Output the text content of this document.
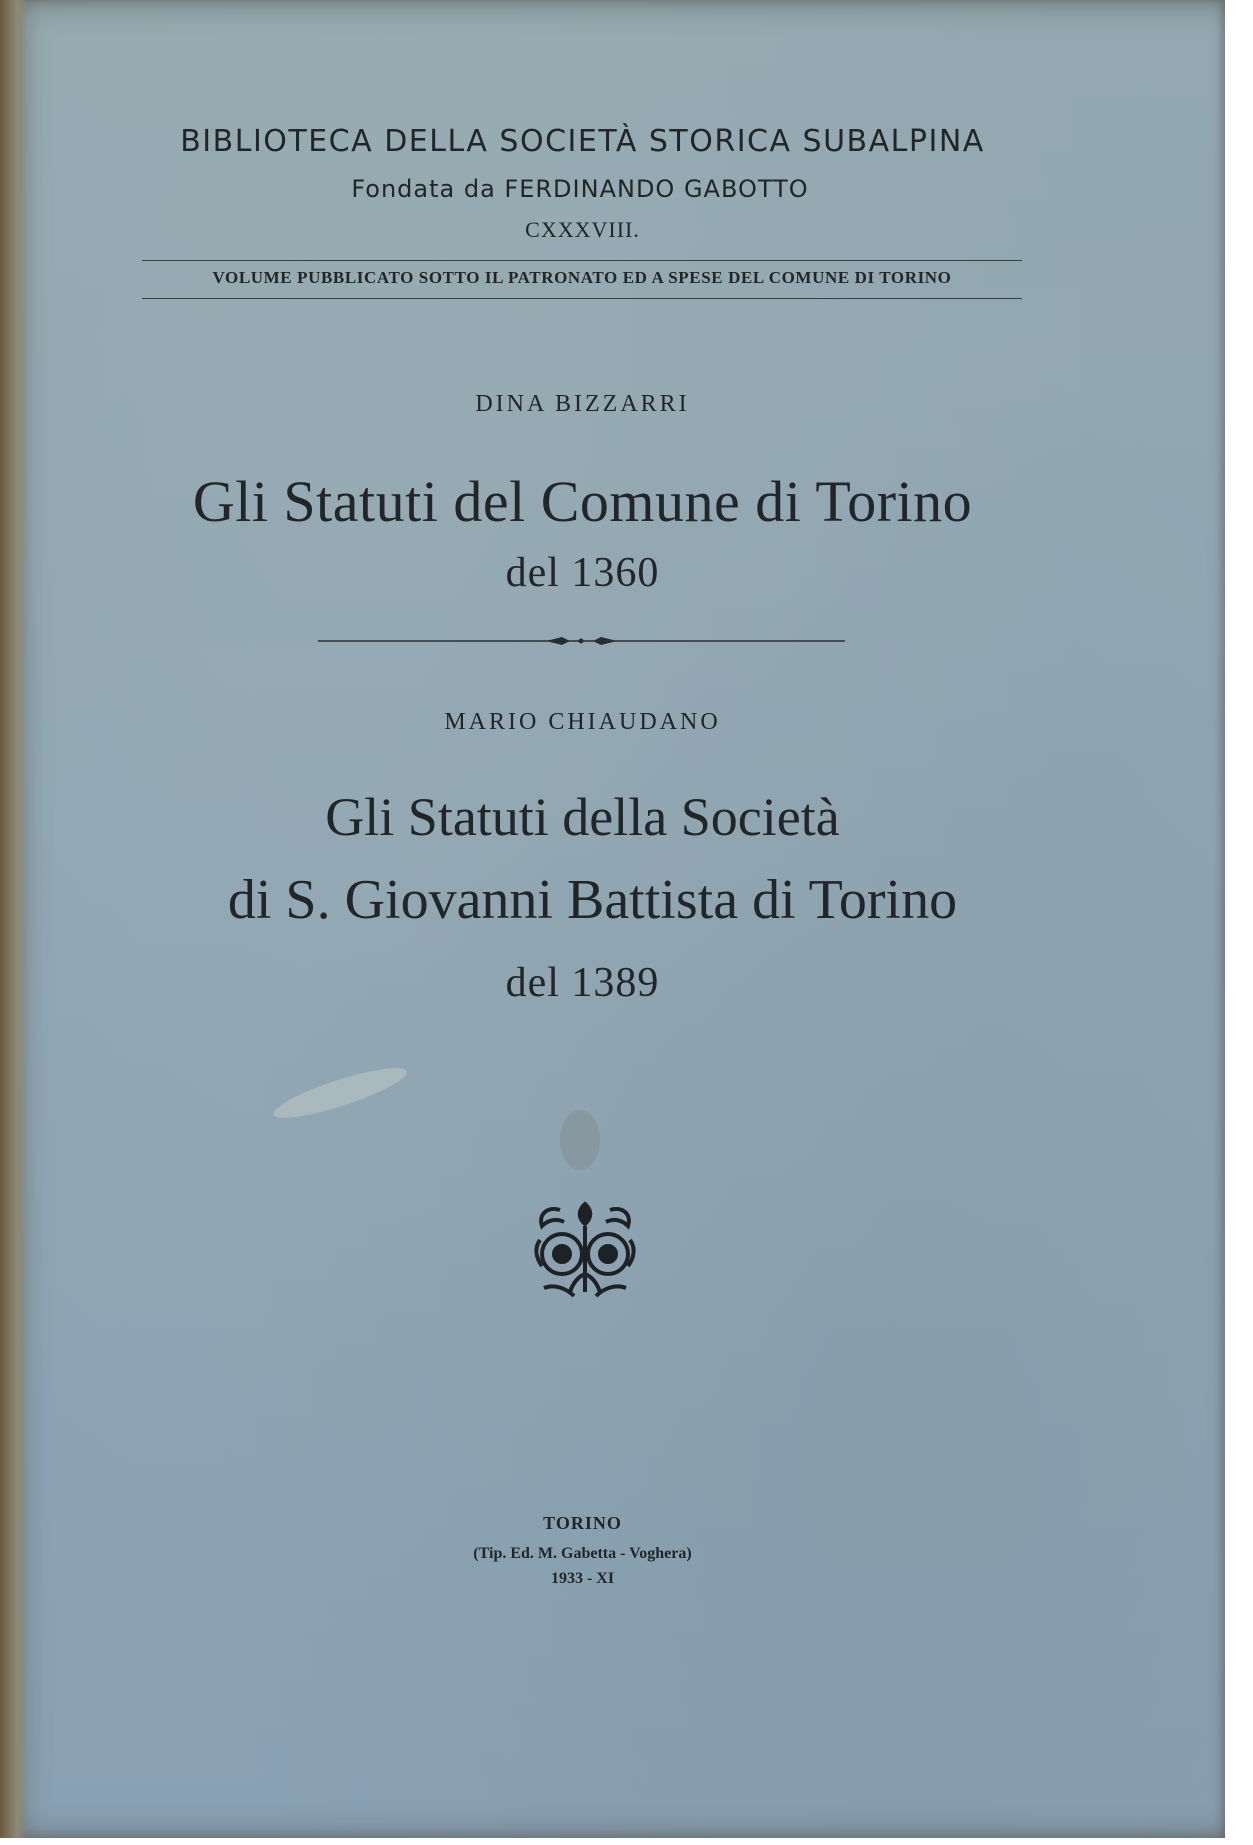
BIBLIOTECA DELLA SOCIETÀ STORICA SUBALPINA
Fondata da FERDINANDO GABOTTO
CXXXVIII.
VOLUME PUBBLICATO SOTTO IL PATRONATO ED A SPESE DEL COMUNE DI TORINO
DINA BIZZARRI
Gli Statuti del Comune di Torino
del 1360
MARIO CHIAUDANO
Gli Statuti della Società
di S. Giovanni Battista di Torino
del 1389
TORINO
(Tip. Ed. M. Gabetta - Voghera)
1933 - XI
